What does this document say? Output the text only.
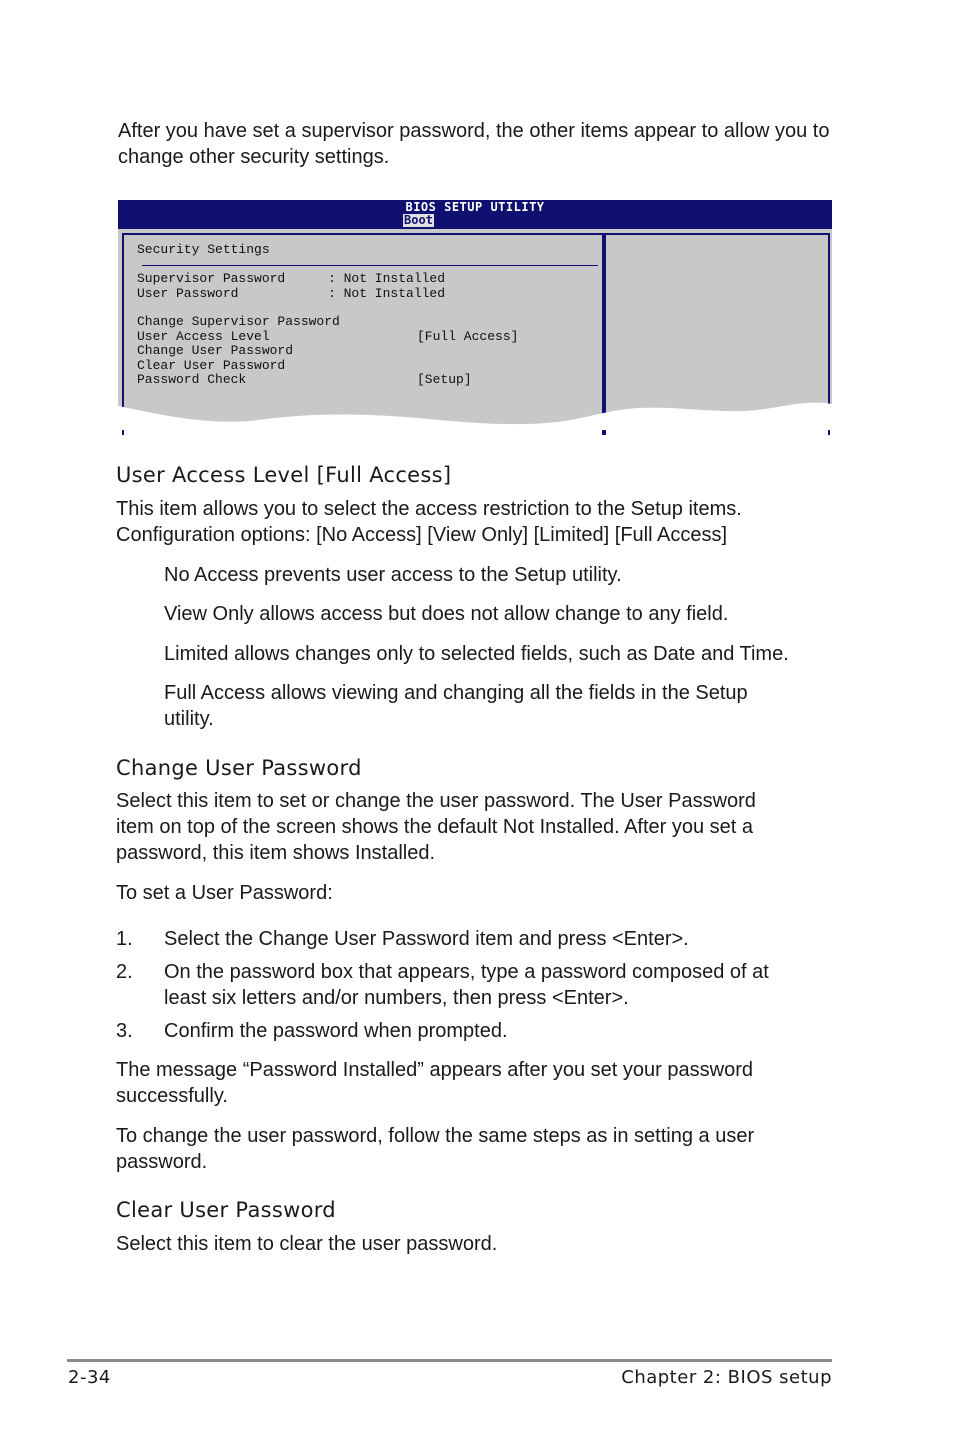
After you have set a supervisor password, the other items appear to allow you to change other security settings.

BIOS SETUP UTILITY
Boot
Security Settings
Supervisor Password	: Not Installed
User Password	: Not Installed
Change Supervisor Password
User Access Level	[Full Access]
Change User Password
Clear User Password
Password Check	[Setup]
User Access Level [Full Access]

This item allows you to select the access restriction to the Setup items.

Configuration options: [No Access] [View Only] [Limited] [Full Access]

No Access prevents user access to the Setup utility.

View Only allows access but does not allow change to any field.

Limited allows changes only to selected fields, such as Date and Time.

Full Access allows viewing and changing all the fields in the Setup

utility.

Change User Password

Select this item to set or change the user password. The User Password

item on top of the screen shows the default Not Installed. After you set a

password, this item shows Installed.

To set a User Password:

1. Select the Change User Password item and press <Enter>.

2. On the password box that appears, type a password composed of at

least six letters and/or numbers, then press <Enter>.

3. Confirm the password when prompted.

The message “Password Installed” appears after you set your password

successfully.

To change the user password, follow the same steps as in setting a user

password.

Clear User Password

Select this item to clear the user password.

2-34	Chapter 2: BIOS setup
